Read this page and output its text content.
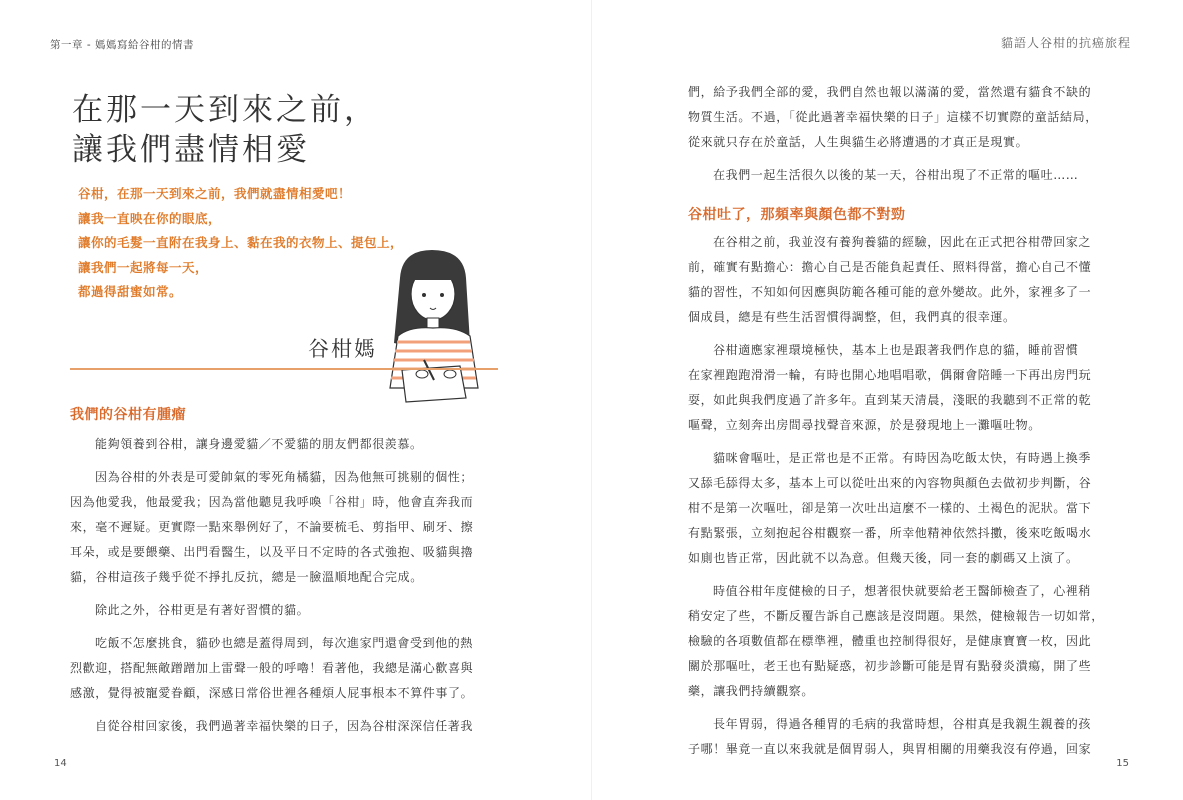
第一章 - 媽媽寫給谷柑的情書
在那一天到來之前，
讓我們盡情相愛
谷柑，在那一天到來之前，我們就盡情相愛吧！
讓我一直映在你的眼底，
讓你的毛髮一直附在我身上、黏在我的衣物上、提包上，
讓我們一起將每一天，
都過得甜蜜如常。
谷柑媽
我們的谷柑有腫瘤

能夠領養到谷柑，讓身邊愛貓／不愛貓的朋友們都很羨慕。

因為谷柑的外表是可愛帥氣的零死角橘貓，因為他無可挑剔的個性；
因為他愛我，他最愛我；因為當他聽見我呼喚「谷柑」時，他會直奔我而
來，毫不遲疑。更實際一點來舉例好了，不論要梳毛、剪指甲、刷牙、擦
耳朵，或是要餵藥、出門看醫生，以及平日不定時的各式強抱、吸貓與擼
貓，谷柑這孩子幾乎從不掙扎反抗，總是一臉溫順地配合完成。

除此之外，谷柑更是有著好習慣的貓。

吃飯不怎麼挑食，貓砂也總是蓋得周到，每次進家門還會受到他的熱
烈歡迎，搭配無敵蹭蹭加上雷聲一般的呼嚕！看著他，我總是滿心歡喜與
感激，覺得被寵愛眷顧，深感日常俗世裡各種煩人屁事根本不算件事了。

自從谷柑回家後，我們過著幸福快樂的日子，因為谷柑深深信任著我

14
貓語人谷柑的抗癌旅程

們，給予我們全部的愛，我們自然也報以滿滿的愛，當然還有貓食不缺的
物質生活。不過，「從此過著幸福快樂的日子」這樣不切實際的童話結局，
從來就只存在於童話，人生與貓生必將遭遇的才真正是現實。

在我們一起生活很久以後的某一天，谷柑出現了不正常的嘔吐……

谷柑吐了，那頻率與顏色都不對勁

在谷柑之前，我並沒有養狗養貓的經驗，因此在正式把谷柑帶回家之
前，確實有點擔心：擔心自己是否能負起責任、照料得當，擔心自己不懂
貓的習性，不知如何因應與防範各種可能的意外變故。此外，家裡多了一
個成員，總是有些生活習慣得調整，但，我們真的很幸運。

谷柑適應家裡環境極快，基本上也是跟著我們作息的貓，睡前習慣
在家裡跑跑滑滑一輪，有時也開心地唱唱歌，偶爾會陪睡一下再出房門玩
耍，如此與我們度過了許多年。直到某天清晨，淺眠的我聽到不正常的乾
嘔聲，立刻奔出房間尋找聲音來源，於是發現地上一灘嘔吐物。

貓咪會嘔吐，是正常也是不正常。有時因為吃飯太快，有時遇上換季
又舔毛舔得太多，基本上可以從吐出來的內容物與顏色去做初步判斷，谷
柑不是第一次嘔吐，卻是第一次吐出這麼不一樣的、土褐色的泥狀。當下
有點緊張，立刻抱起谷柑觀察一番，所幸他精神依然抖擻，後來吃飯喝水
如廁也皆正常，因此就不以為意。但幾天後，同一套的劇碼又上演了。

時值谷柑年度健檢的日子，想著很快就要給老王醫師檢查了，心裡稍
稍安定了些，不斷反覆告訴自己應該是沒問題。果然，健檢報告一切如常，
檢驗的各項數值都在標準裡，體重也控制得很好，是健康寶寶一枚，因此
關於那嘔吐，老王也有點疑惑，初步診斷可能是胃有點發炎潰瘍，開了些
藥，讓我們持續觀察。

長年胃弱，得過各種胃的毛病的我當時想，谷柑真是我親生親養的孩
子哪！畢竟一直以來我就是個胃弱人，與胃相關的用藥我沒有停過，回家

15
